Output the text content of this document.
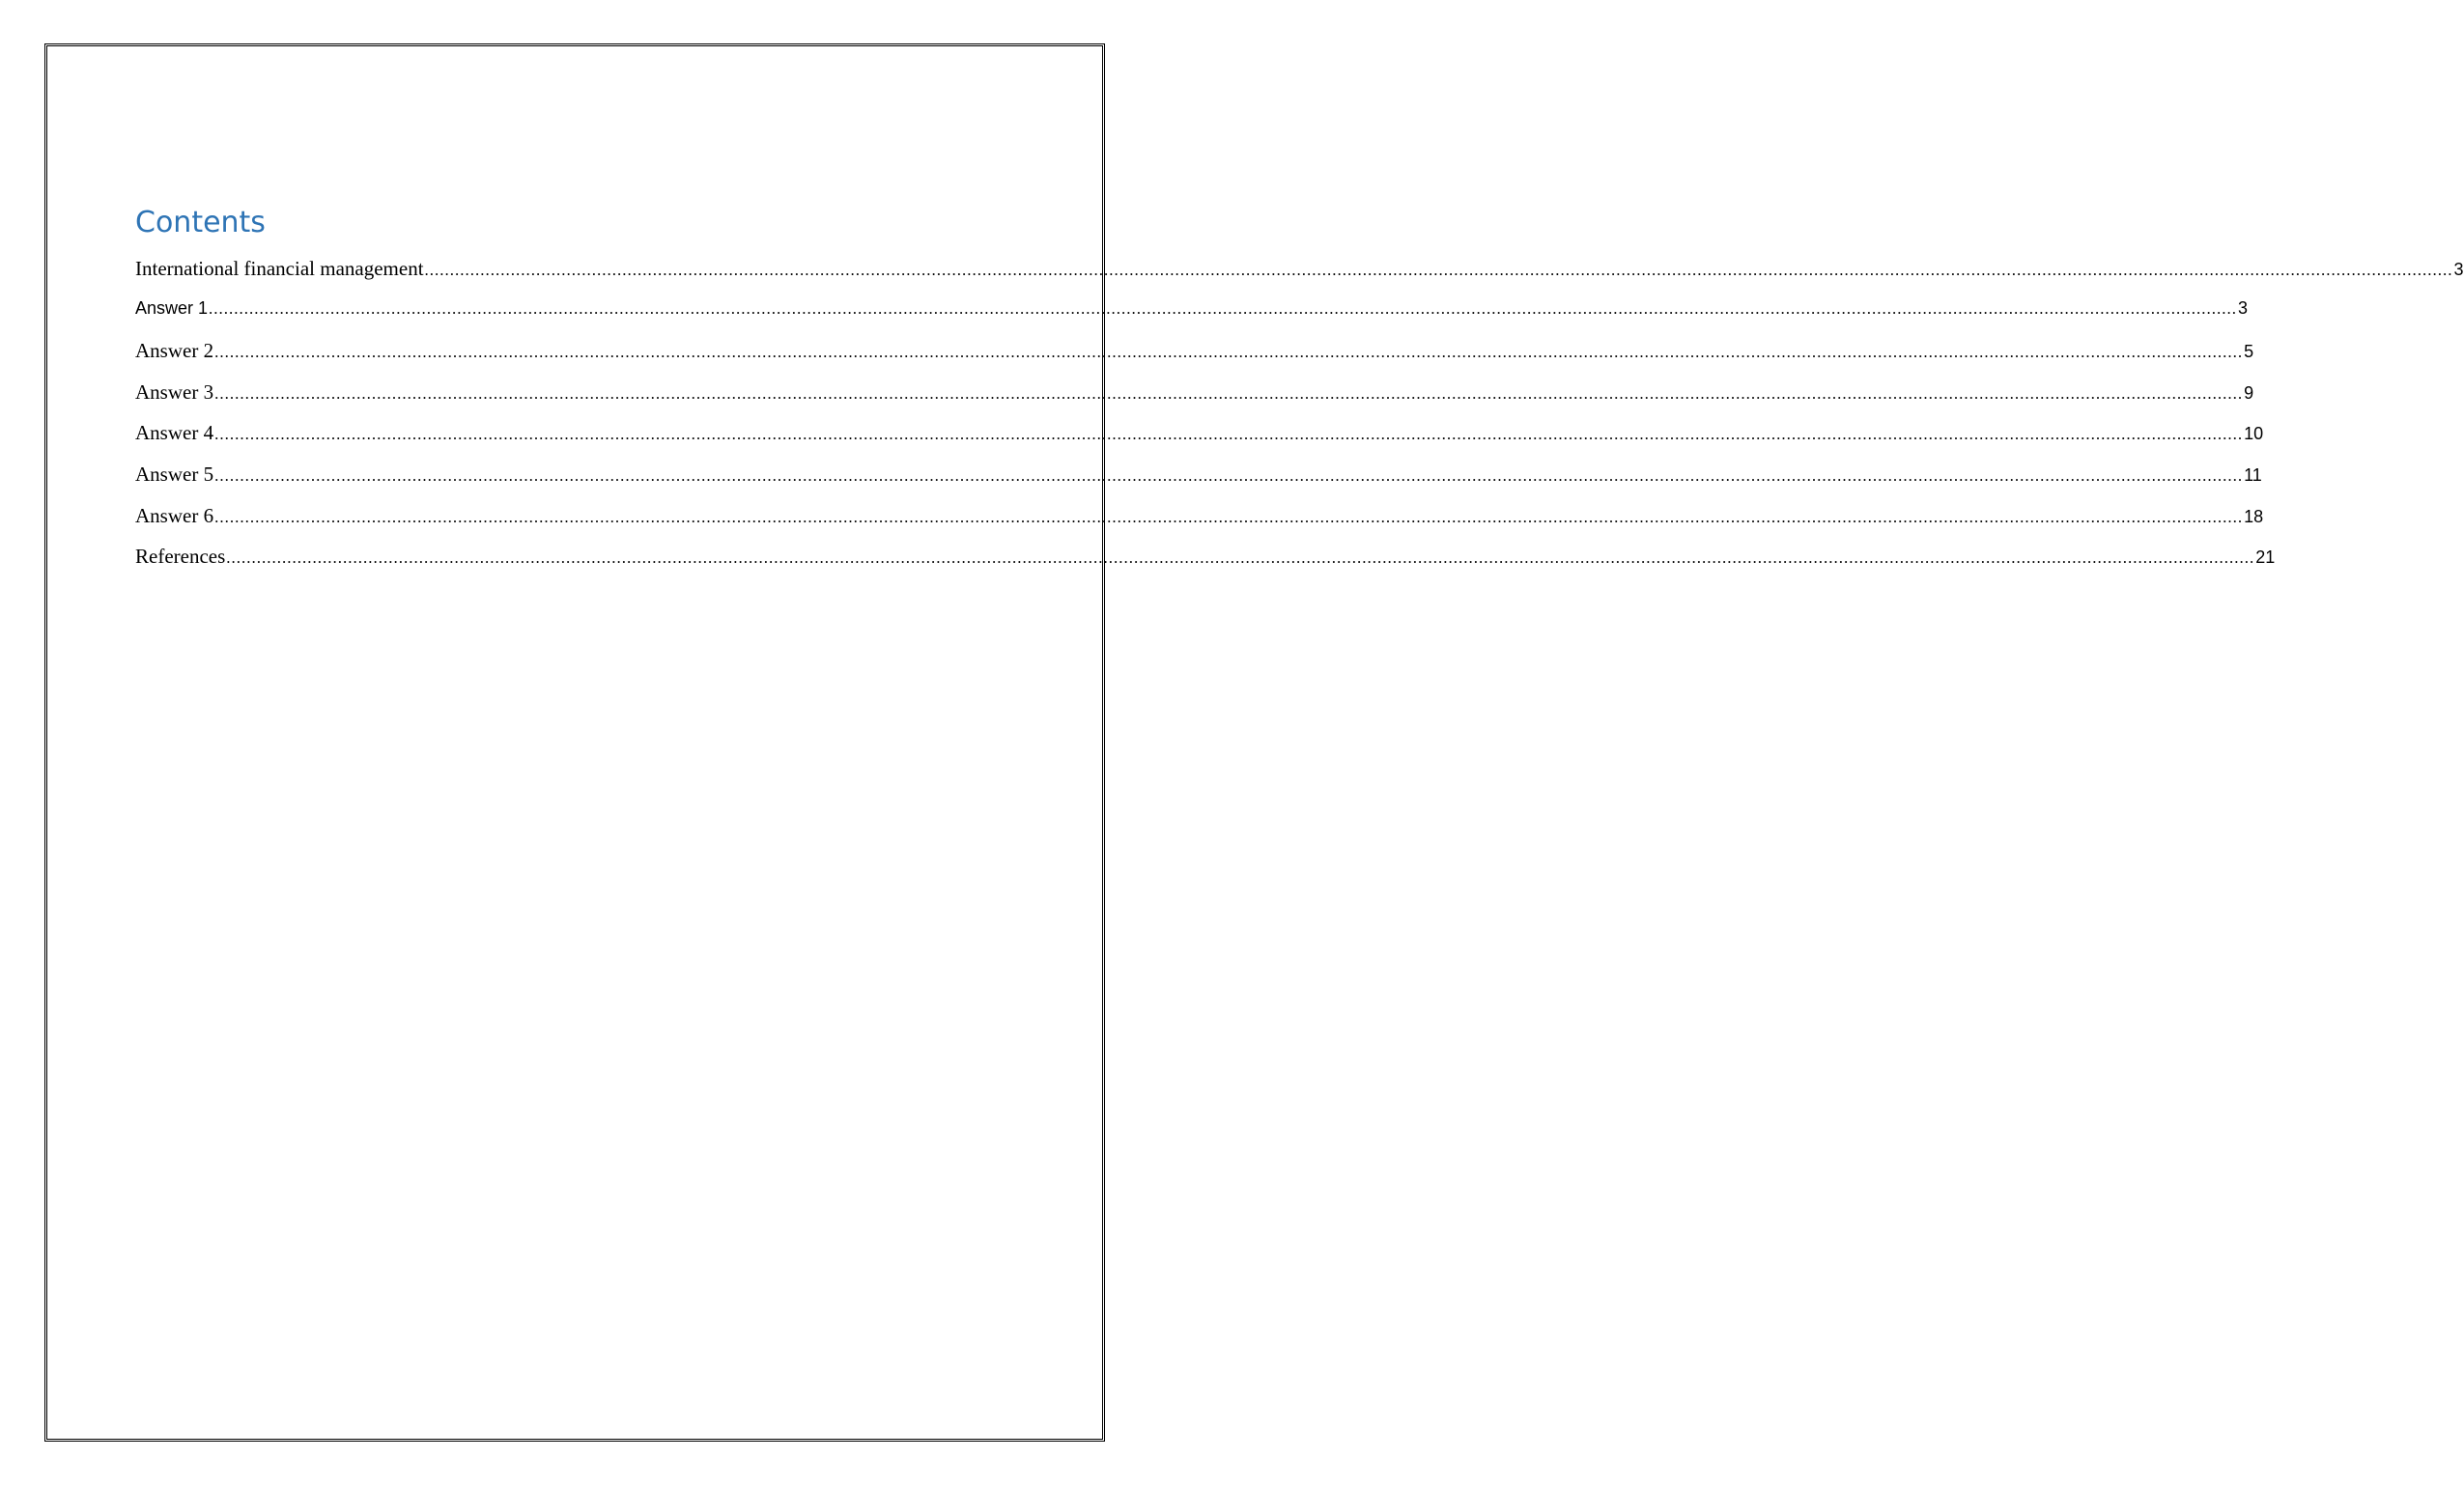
Contents
International financial management ................................................................................................................................................................................................................................................................................................................................................................................................................ 3
Answer 1 ................................................................................................................................................................................................................................................................................................................................................................................................................ 3
Answer 2 ................................................................................................................................................................................................................................................................................................................................................................................................................ 5
Answer 3 ................................................................................................................................................................................................................................................................................................................................................................................................................ 9
Answer 4 ................................................................................................................................................................................................................................................................................................................................................................................................................ 10
Answer 5 ................................................................................................................................................................................................................................................................................................................................................................................................................ 11
Answer 6 ................................................................................................................................................................................................................................................................................................................................................................................................................ 18
References ................................................................................................................................................................................................................................................................................................................................................................................................................ 21
